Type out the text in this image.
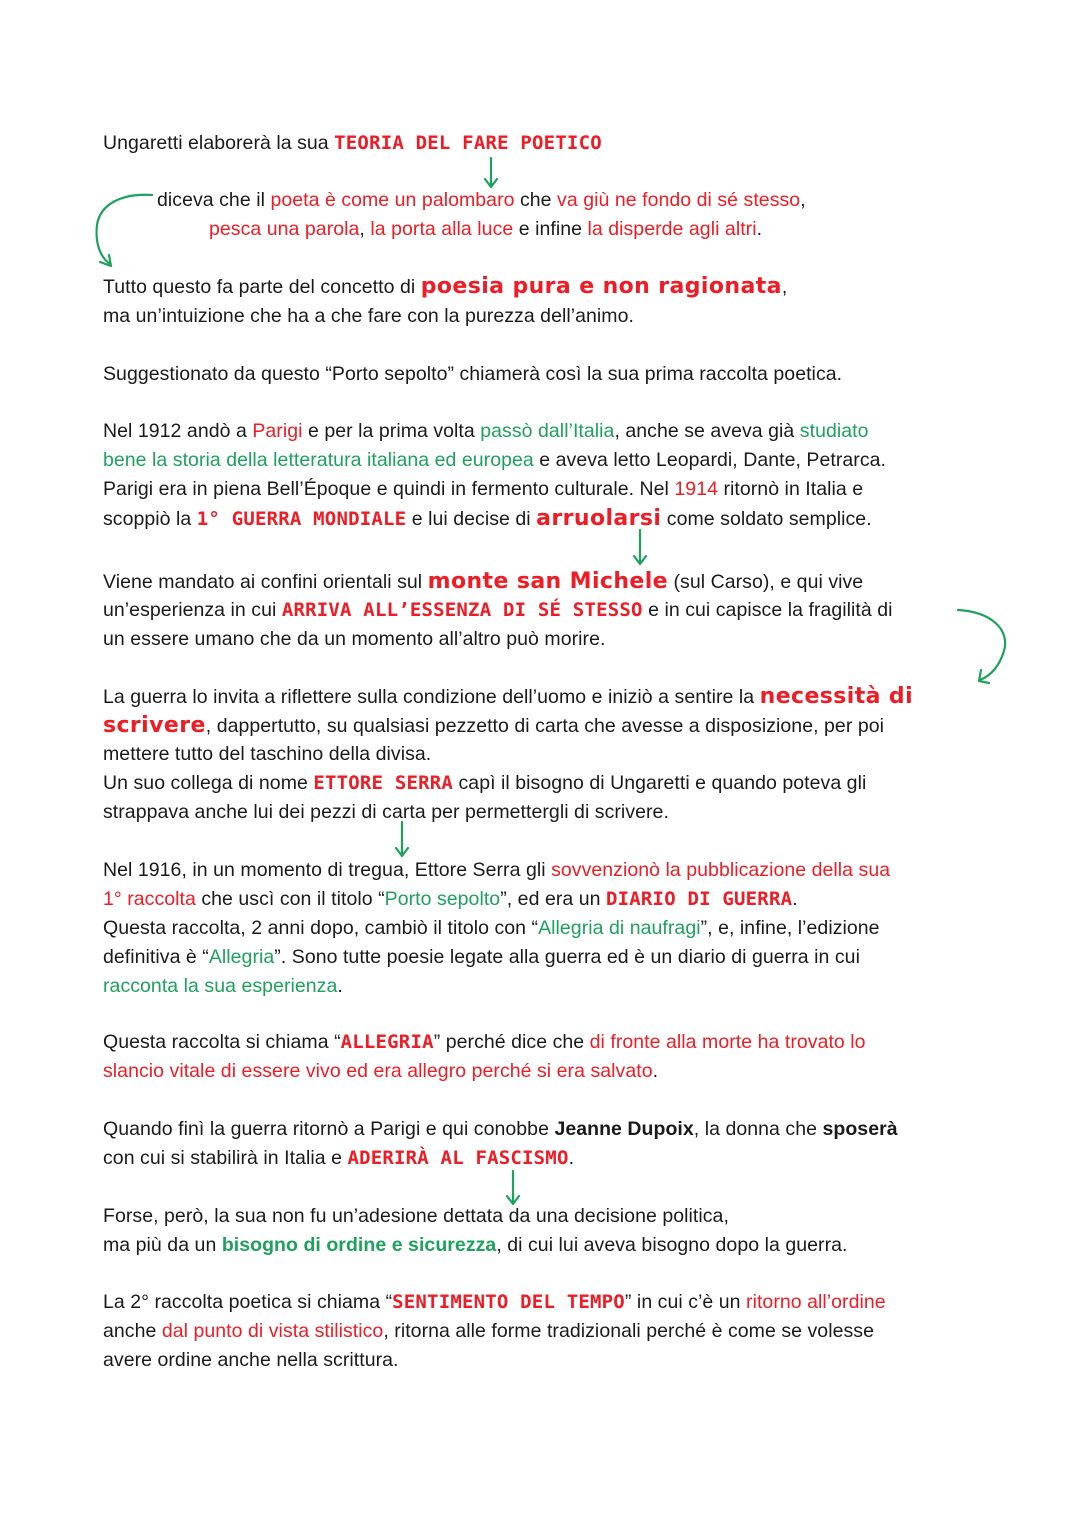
Ungaretti elaborerà la sua TEORIA DEL FARE POETICO
diceva che il poeta è come un palombaro che va giù ne fondo di sé stesso,
pesca una parola, la porta alla luce e infine la disperde agli altri.
Tutto questo fa parte del concetto di poesia pura e non ragionata,
ma un’intuizione che ha a che fare con la purezza dell’animo.
Suggestionato da questo “Porto sepolto” chiamerà così la sua prima raccolta poetica.
Nel 1912 andò a Parigi e per la prima volta passò dall’Italia, anche se aveva già studiato
bene la storia della letteratura italiana ed europea e aveva letto Leopardi, Dante, Petrarca.
Parigi era in piena Bell’Époque e quindi in fermento culturale. Nel 1914 ritornò in Italia e
scoppiò la 1° GUERRA MONDIALE e lui decise di arruolarsi come soldato semplice.
Viene mandato ai confini orientali sul monte san Michele (sul Carso), e qui vive
un’esperienza in cui ARRIVA ALL’ESSENZA DI SÉ STESSO e in cui capisce la fragilità di
un essere umano che da un momento all’altro può morire.
La guerra lo invita a riflettere sulla condizione dell’uomo e iniziò a sentire la necessità di
scrivere, dappertutto, su qualsiasi pezzetto di carta che avesse a disposizione, per poi
mettere tutto del taschino della divisa.
Un suo collega di nome ETTORE SERRA capì il bisogno di Ungaretti e quando poteva gli
strappava anche lui dei pezzi di carta per permettergli di scrivere.
Nel 1916, in un momento di tregua, Ettore Serra gli sovvenzionò la pubblicazione della sua
1° raccolta che uscì con il titolo “Porto sepolto”, ed era un DIARIO DI GUERRA.
Questa raccolta, 2 anni dopo, cambiò il titolo con “Allegria di naufragi”, e, infine, l’edizione
definitiva è “Allegria”. Sono tutte poesie legate alla guerra ed è un diario di guerra in cui
racconta la sua esperienza.
Questa raccolta si chiama “ALLEGRIA” perché dice che di fronte alla morte ha trovato lo
slancio vitale di essere vivo ed era allegro perché si era salvato.
Quando finì la guerra ritornò a Parigi e qui conobbe Jeanne Dupoix, la donna che sposerà
con cui si stabilirà in Italia e ADERIRÀ AL FASCISMO.
Forse, però, la sua non fu un’adesione dettata da una decisione politica,
ma più da un bisogno di ordine e sicurezza, di cui lui aveva bisogno dopo la guerra.
La 2° raccolta poetica si chiama “SENTIMENTO DEL TEMPO” in cui c’è un ritorno all’ordine
anche dal punto di vista stilistico, ritorna alle forme tradizionali perché è come se volesse
avere ordine anche nella scrittura.
